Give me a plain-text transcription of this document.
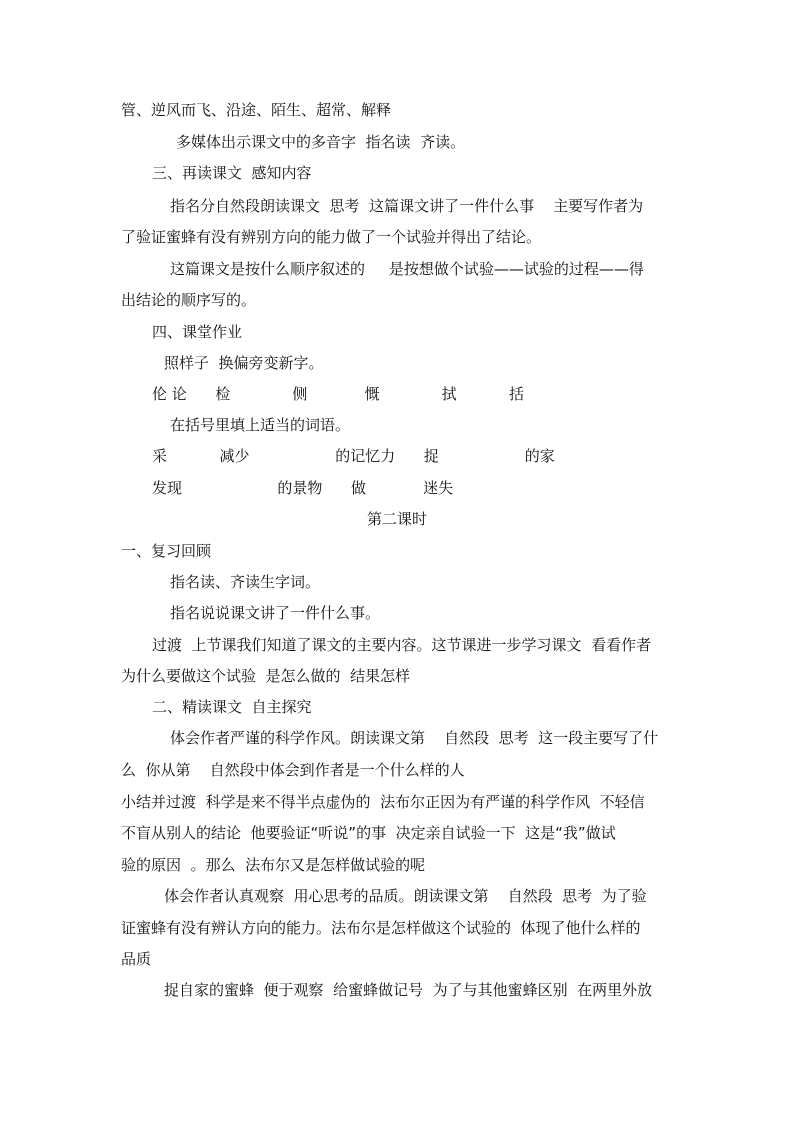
管、逆风而飞、沿途、陌生、超常、解释

多媒体出示课文中的多音字  指名读  齐读。

三、再读课文  感知内容

指名分自然段朗读课文  思考  这篇课文讲了一件什么事    主要写作者为

了验证蜜蜂有没有辨别方向的能力做了一个试验并得出了结论。

这篇课文是按什么顺序叙述的     是按想做个试验——试验的过程——得

出结论的顺序写的。

四、课堂作业

照样子  换偏旁变新字。

伦 论      检             侧            慨             拭           括

在括号里填上适当的词语。

采           减少                  的记忆力      捉                  的家

发现                    的景物      做            迷失

第二课时

一、复习回顾

指名读、齐读生字词。

指名说说课文讲了一件什么事。

过渡  上节课我们知道了课文的主要内容。这节课进一步学习课文  看看作者

为什么要做这个试验  是怎么做的  结果怎样

二、精读课文  自主探究

体会作者严谨的科学作风。朗读课文第    自然段  思考  这一段主要写了什

么  你从第    自然段中体会到作者是一个什么样的人

小结并过渡  科学是来不得半点虚伪的  法布尔正因为有严谨的科学作风  不轻信

不盲从别人的结论  他要验证“听说”的事  决定亲自试验一下  这是“我”做试

验的原因  。那么  法布尔又是怎样做试验的呢

体会作者认真观察  用心思考的品质。朗读课文第    自然段  思考  为了验

证蜜蜂有没有辨认方向的能力。法布尔是怎样做这个试验的  体现了他什么样的

品质

捉自家的蜜蜂  便于观察  给蜜蜂做记号  为了与其他蜜蜂区别  在两里外放
